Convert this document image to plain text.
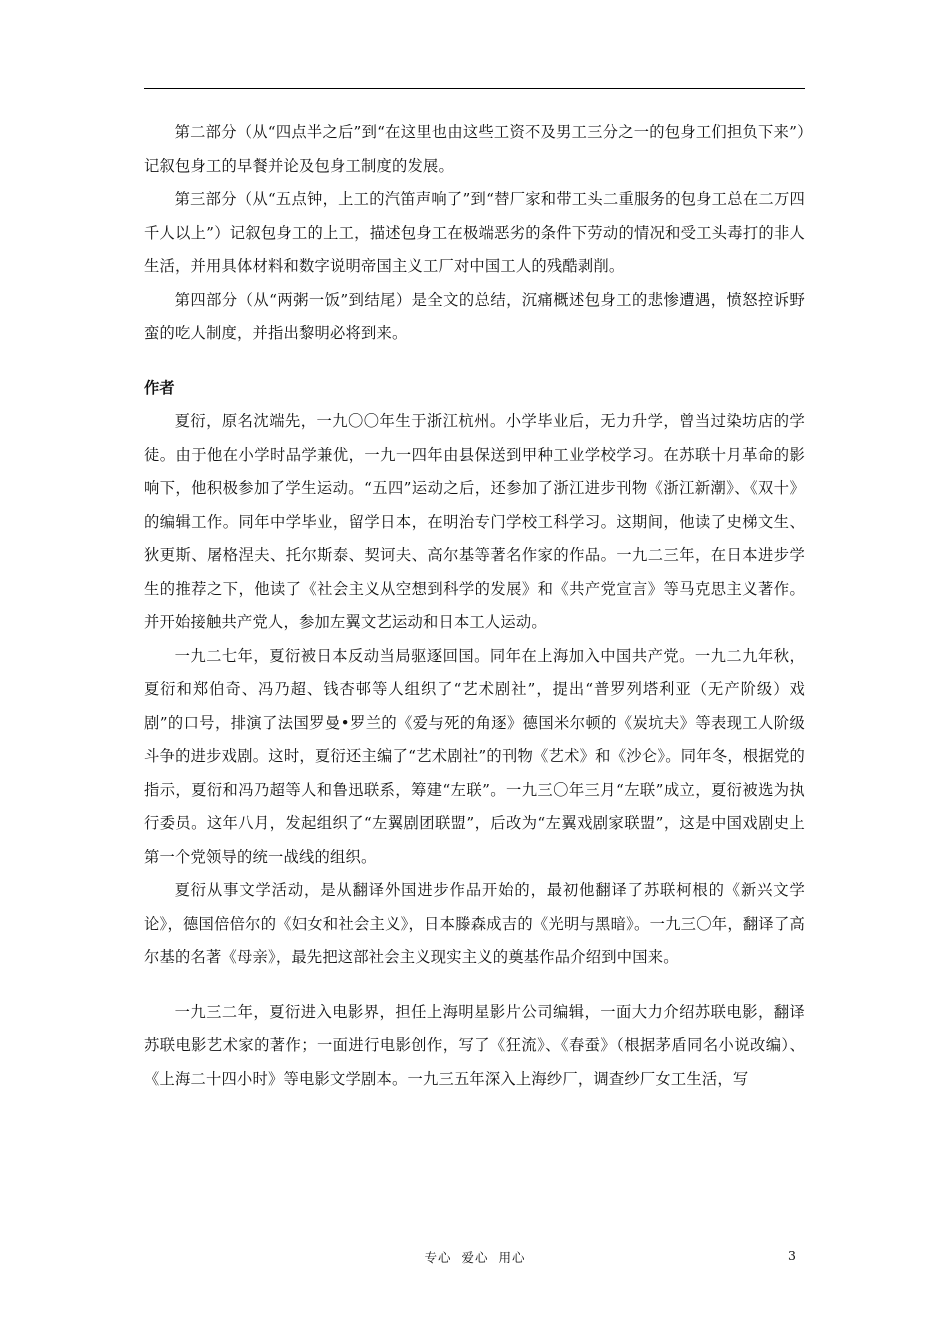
第二部分（从“四点半之后”到“在这里也由这些工资不及男工三分之一的包身工们担负下来”）记叙包身工的早餐并论及包身工制度的发展。

第三部分（从“五点钟，上工的汽笛声响了”到“替厂家和带工头二重服务的包身工总在二万四千人以上”）记叙包身工的上工，描述包身工在极端恶劣的条件下劳动的情况和受工头毒打的非人生活，并用具体材料和数字说明帝国主义工厂对中国工人的残酷剥削。

第四部分（从“两粥一饭”到结尾）是全文的总结，沉痛概述包身工的悲惨遭遇，愤怒控诉野蛮的吃人制度，并指出黎明必将到来。

作者

夏衍，原名沈端先，一九〇〇年生于浙江杭州。小学毕业后，无力升学，曾当过染坊店的学徒。由于他在小学时品学兼优，一九一四年由县保送到甲种工业学校学习。在苏联十月革命的影响下，他积极参加了学生运动。“五四”运动之后，还参加了浙江进步刊物《浙江新潮》、《双十》的编辑工作。同年中学毕业，留学日本，在明治专门学校工科学习。这期间，他读了史梯文生、狄更斯、屠格涅夫、托尔斯泰、契诃夫、高尔基等著名作家的作品。一九二三年，在日本进步学生的推荐之下，他读了《社会主义从空想到科学的发展》和《共产党宣言》等马克思主义著作。并开始接触共产党人，参加左翼文艺运动和日本工人运动。

一九二七年，夏衍被日本反动当局驱逐回国。同年在上海加入中国共产党。一九二九年秋，夏衍和郑伯奇、冯乃超、钱杏邨等人组织了“艺术剧社”，提出“普罗列塔利亚（无产阶级）戏剧”的口号，排演了法国罗曼•罗兰的《爱与死的角逐》德国米尔顿的《炭坑夫》等表现工人阶级斗争的进步戏剧。这时，夏衍还主编了“艺术剧社”的刊物《艺术》和《沙仑》。同年冬，根据党的指示，夏衍和冯乃超等人和鲁迅联系，筹建“左联”。一九三〇年三月“左联”成立，夏衍被选为执行委员。这年八月，发起组织了“左翼剧团联盟”，后改为“左翼戏剧家联盟”，这是中国戏剧史上第一个党领导的统一战线的组织。

夏衍从事文学活动，是从翻译外国进步作品开始的，最初他翻译了苏联柯根的《新兴文学论》，德国倍倍尔的《妇女和社会主义》，日本滕森成吉的《光明与黑暗》。一九三〇年，翻译了高尔基的名著《母亲》，最先把这部社会主义现实主义的奠基作品介绍到中国来。

一九三二年，夏衍进入电影界，担任上海明星影片公司编辑，一面大力介绍苏联电影，翻译苏联电影艺术家的著作；一面进行电影创作，写了《狂流》、《春蚕》（根据茅盾同名小说改编）、《上海二十四小时》等电影文学剧本。一九三五年深入上海纱厂，调查纱厂女工生活，写

专心  爱心  用心	3
